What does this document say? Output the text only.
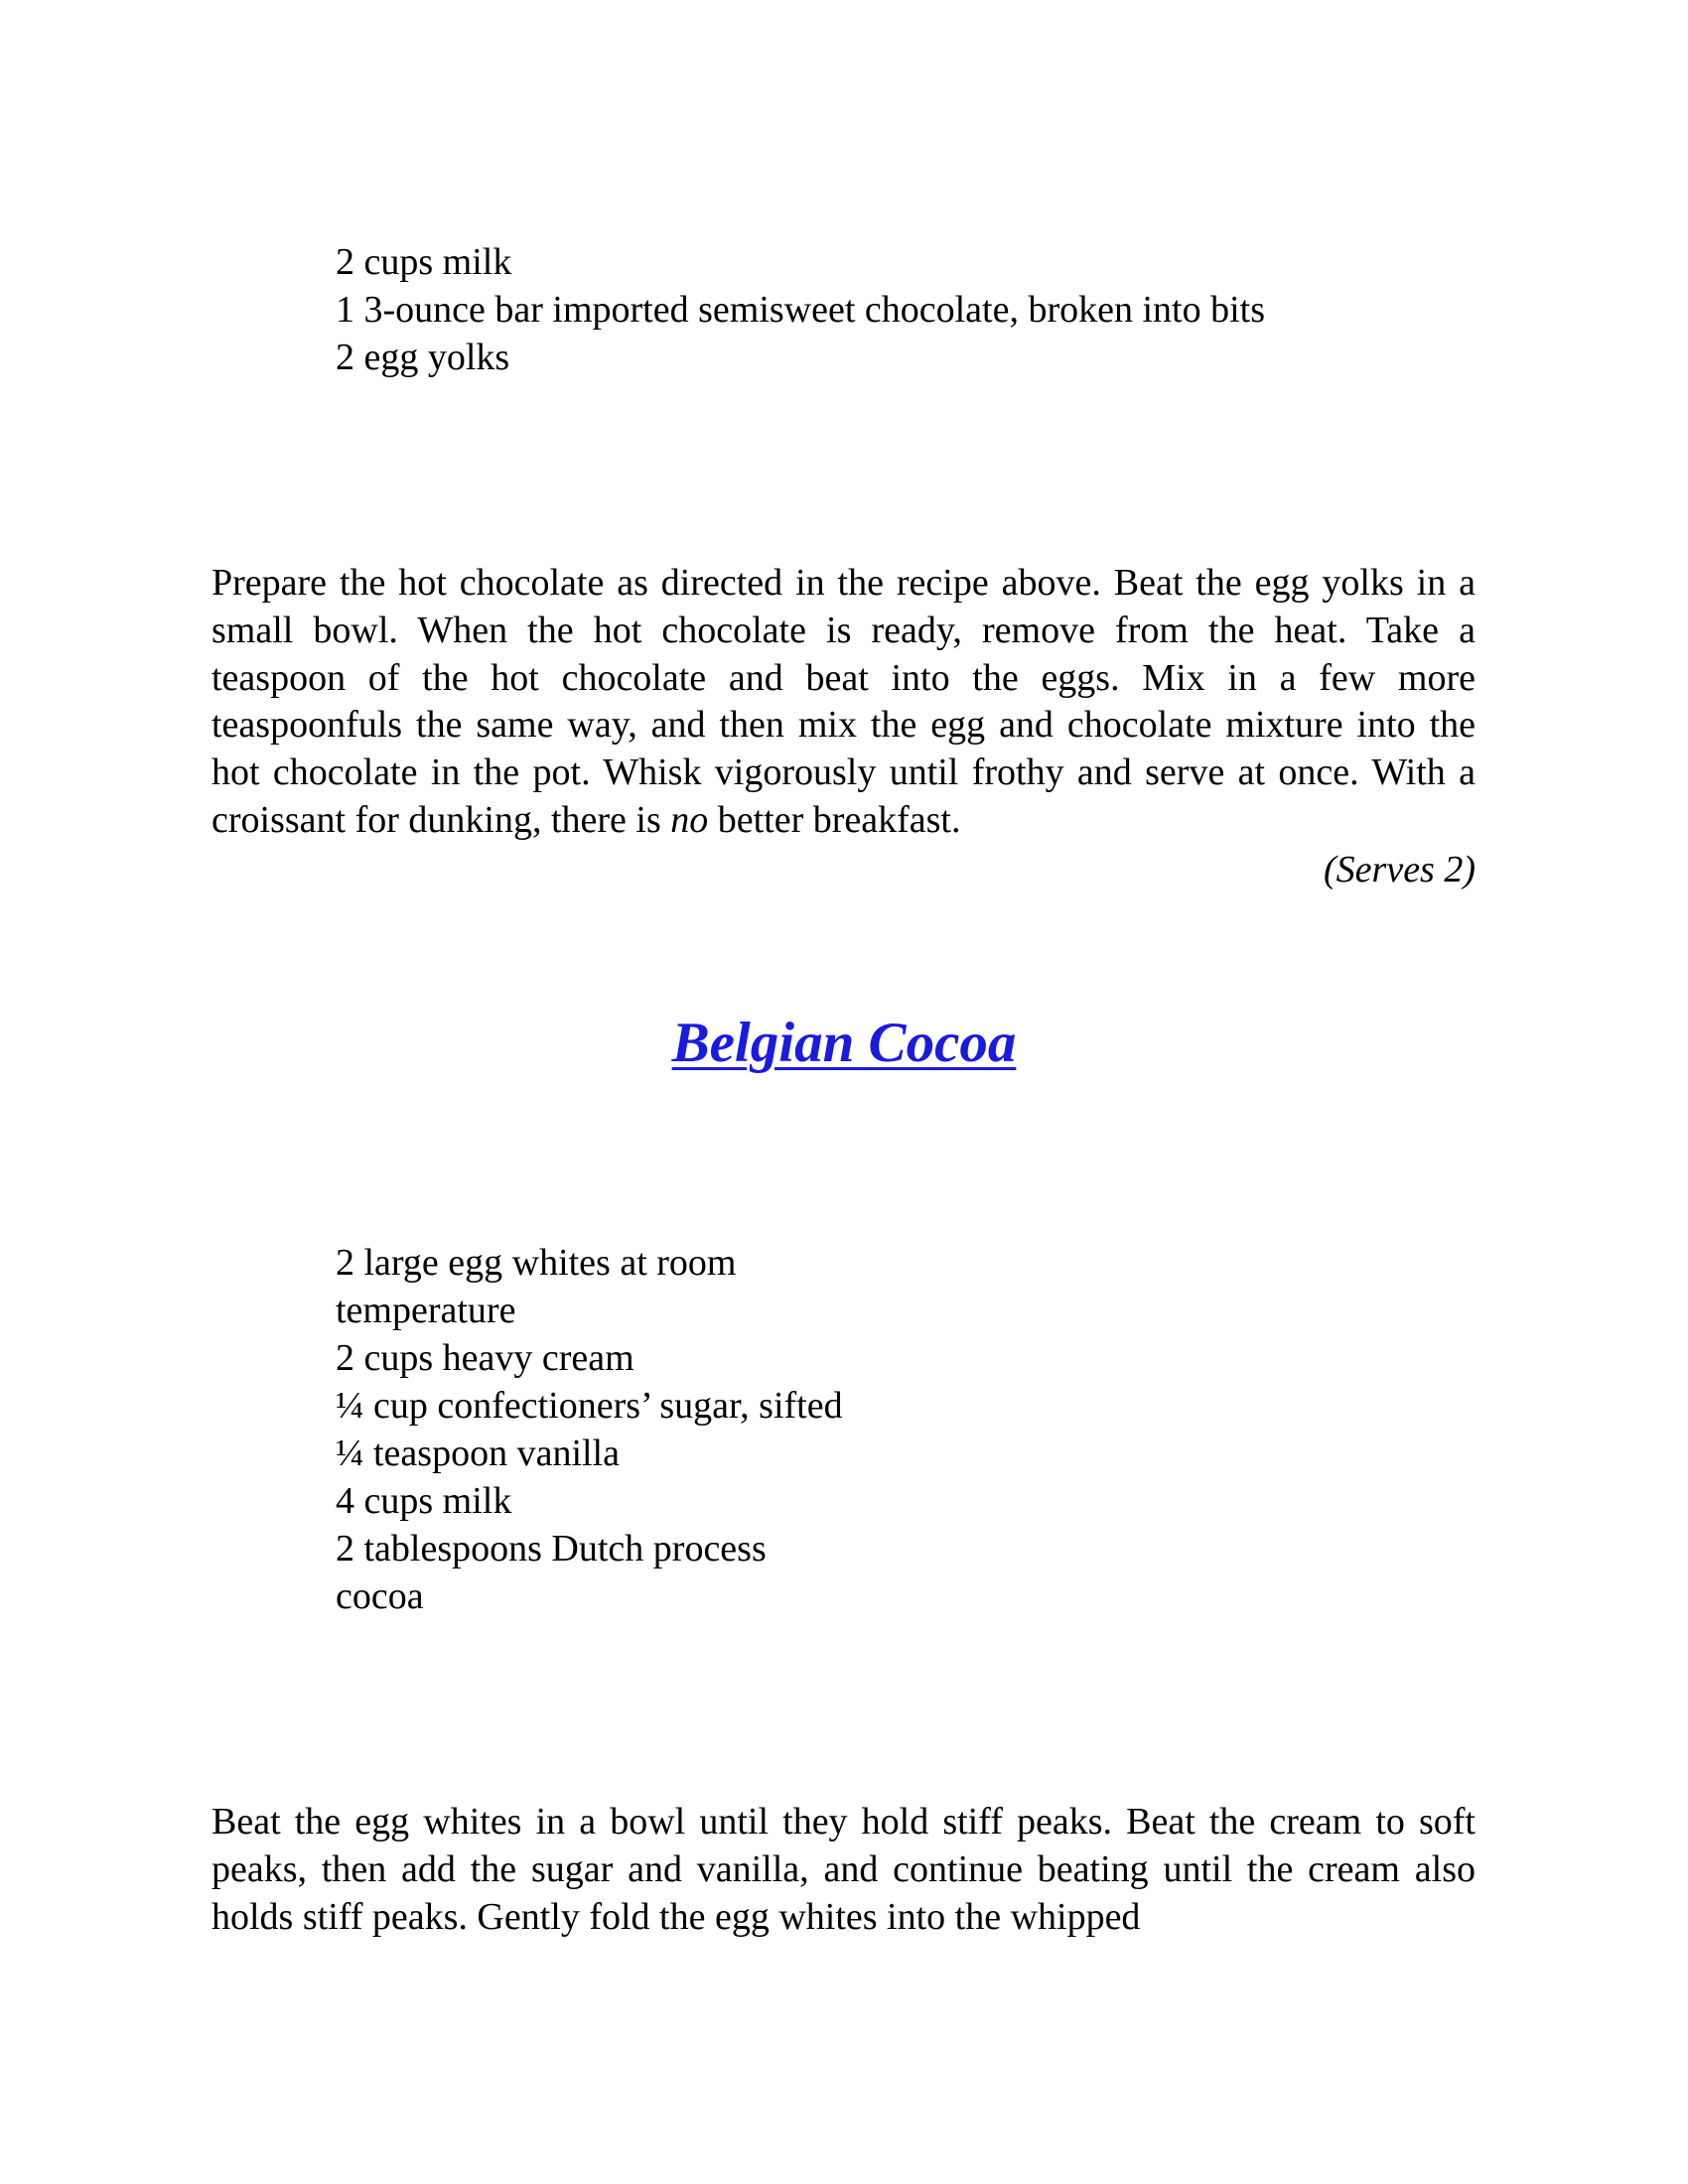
2 cups milk
1 3-ounce bar imported semisweet chocolate, broken into bits
2 egg yolks

Prepare the hot chocolate as directed in the recipe above. Beat the egg yolks in a small bowl. When the hot chocolate is ready, remove from the heat. Take a teaspoon of the hot chocolate and beat into the eggs. Mix in a few more teaspoonfuls the same way, and then mix the egg and chocolate mixture into the hot chocolate in the pot. Whisk vigorously until frothy and serve at once. With a croissant for dunking, there is no better breakfast.

(Serves 2)
Belgian Cocoa
2 large egg whites at room temperature
2 cups heavy cream
¼ cup confectioners’ sugar, sifted
¼ teaspoon vanilla
4 cups milk
2 tablespoons Dutch process cocoa

Beat the egg whites in a bowl until they hold stiff peaks. Beat the cream to soft peaks, then add the sugar and vanilla, and continue beating until the cream also holds stiff peaks. Gently fold the egg whites into the whipped
